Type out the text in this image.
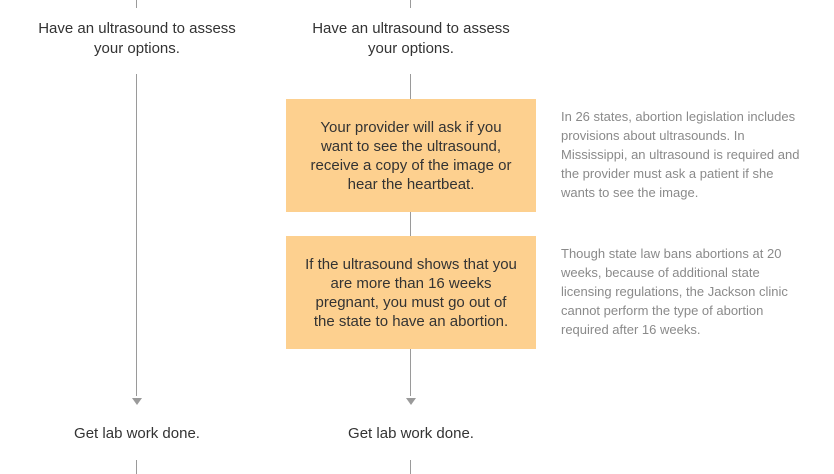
Have an ultrasound to assess your options.
Get lab work done.
Have an ultrasound to assess your options.
Your provider will ask if you want to see the ultrasound, receive a copy of the image or hear the heartbeat.
If the ultrasound shows that you are more than 16 weeks pregnant, you must go out of the state to have an abortion.
Get lab work done.
In 26 states, abortion legislation includes provisions about ultrasounds. In Mississippi, an ultrasound is required and the provider must ask a patient if she wants to see the image.
Though state law bans abortions at 20 weeks, because of additional state licensing regulations, the Jackson clinic cannot perform the type of abortion required after 16 weeks.
